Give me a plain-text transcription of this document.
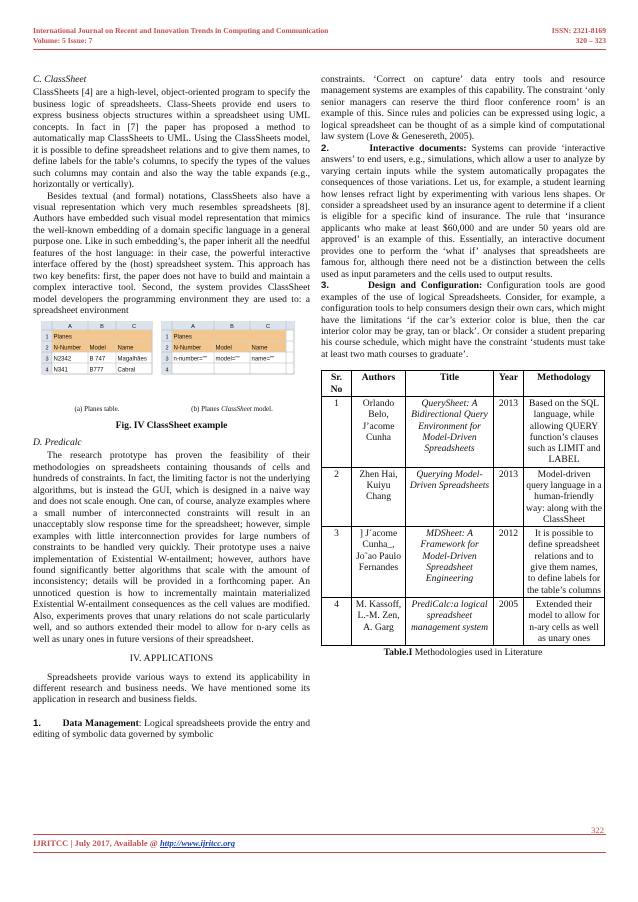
International Journal on Recent and Innovation Trends in Computing and Communication	ISSN: 2321-8169
Volume: 5 Issue: 7	320 – 323
C. ClassSheet

ClassSheets [4] are a high-level, object-oriented program to specify the business logic of spreadsheets. Class-Sheets provide end users to express business objects structures within a spreadsheet using UML concepts. In fact in [7] the paper has proposed a method to automatically map ClassSheets to UML. Using the ClassSheets model, it is possible to define spreadsheet relations and to give them names, to define labels for the table’s columns, to specify the types of the values such columns may contain and also the way the table expands (e.g., horizontally or vertically).

Besides textual (and formal) notations, ClassSheets also have a visual representation which very much resembles spreadsheets [8]. Authors have embedded such visual model representation that mimics the well-known embedding of a domain specific language in a general purpose one. Like in such embedding’s, the paper inherit all the needful features of the host language: in their case, the powerful interactive interface offered by the (host) spreadsheet system. This approach has two key benefits: first, the paper does not have to build and maintain a complex interactive tool. Second, the system provides ClassSheet model developers the programming environment they are used to: a spreadsheet environment

A	B	C
1 Planes
2 N-Number Model Name
3 N2342	B 747 Magalhães
4 N341	B777 Cabral
(a) Planes table.
A	B	C
1 Planes
2 N-Number Model	Name
3 n-number="" model="" name=""
4
(b) Planes ClassSheet model.
Fig. IV ClassSheet example
D. Predicalc

The research prototype has proven the feasibility of their methodologies on spreadsheets containing thousands of cells and hundreds of constraints. In fact, the limiting factor is not the underlying algorithms, but is instead the GUI, which is designed in a naive way and does not scale enough. One can, of course, analyze examples where a small number of interconnected constraints will result in an unacceptably slow response time for the spreadsheet; however, simple examples with little interconnection provides for large numbers of constraints to be handled very quickly. Their prototype uses a naive implementation of Existential W-entailment; however, authors have found significantly better algorithms that scale with the amount of inconsistency; details will be provided in a forthcoming paper. An unnoticed question is how to incrementally maintain materialized Existential W-entailment consequences as the cell values are modified. Also, experiments proves that unary relations do not scale particularly well, and so authors extended their model to allow for n-ary cells as well as unary ones in future versions of their spreadsheet.

IV. APPLICATIONS

Spreadsheets provide various ways to extend its applicability in different research and business needs. We have mentioned some its application in research and business fields.

1. Data Management: Logical spreadsheets provide the entry and editing of symbolic data governed by symbolic

constraints. ‘Correct on capture’ data entry tools and resource management systems are examples of this capability. The constraint ‘only senior managers can reserve the third floor conference room’ is an example of this. Since rules and policies can be expressed using logic, a logical spreadsheet can be thought of as a simple kind of computational law system (Love & Genesereth, 2005).

2.	Interactive documents: Systems can provide ‘interactive answers’ to end users, e.g., simulations, which allow a user to analyze by varying certain inputs while the system automatically propagates the consequences of those variations. Let us, for example, a student learning how lenses refract light by experimenting with various lens shapes. Or consider a spreadsheet used by an insurance agent to determine if a client is eligible for a specific kind of insurance. The rule that ‘insurance applicants who make at least $60,000 and are under 50 years old are approved’ is an example of this. Essentially, an interactive document provides one to perform the ‘what if’ analyses that spreadsheets are famous for, although there need not be a distinction between the cells used as input parameters and the cells used to output results.

3.	Design and Configuration: Configuration tools are good examples of the use of logical Spreadsheets. Consider, for example, a configuration tools to help consumers design their own cars, which might have the limitations ‘if the car’s exterior color is blue, then the car interior color may be gray, tan or black’. Or consider a student preparing his course schedule, which might have the constraint ‘students must take at least two math courses to graduate’.

Sr. No	Authors	Title	Year	Methodology
1	Orlando Belo, J’acome Cunha	QuerySheet: A Bidirectional Query Environment for Model-Driven Spreadsheets	2013	Based on the SQL language, while allowing QUERY function’s clauses such as LIMIT and LABEL
2	Zhen Hai, Kuiyu Chang	Querying Model-Driven Spreadsheets	2013	Model-driven query language in a human-friendly way: along with the ClassSheet
3	] J´acome Cunha_, Jo˜ao Paulo Fernandes	MDSheet: A Framework for Model-Driven Spreadsheet Engineering	2012	It is possible to define spreadsheet relations and to give them names, to define labels for the table’s columns
4	M. Kassoff, L.-M. Zen, A. Garg	PrediCalc:a logical spreadsheet management system	2005	Extended their model to allow for n-ary cells as well as unary ones
Table.I Methodologies used in Literature
322
IJRITCC | July 2017, Available @ http://www.ijritcc.org
